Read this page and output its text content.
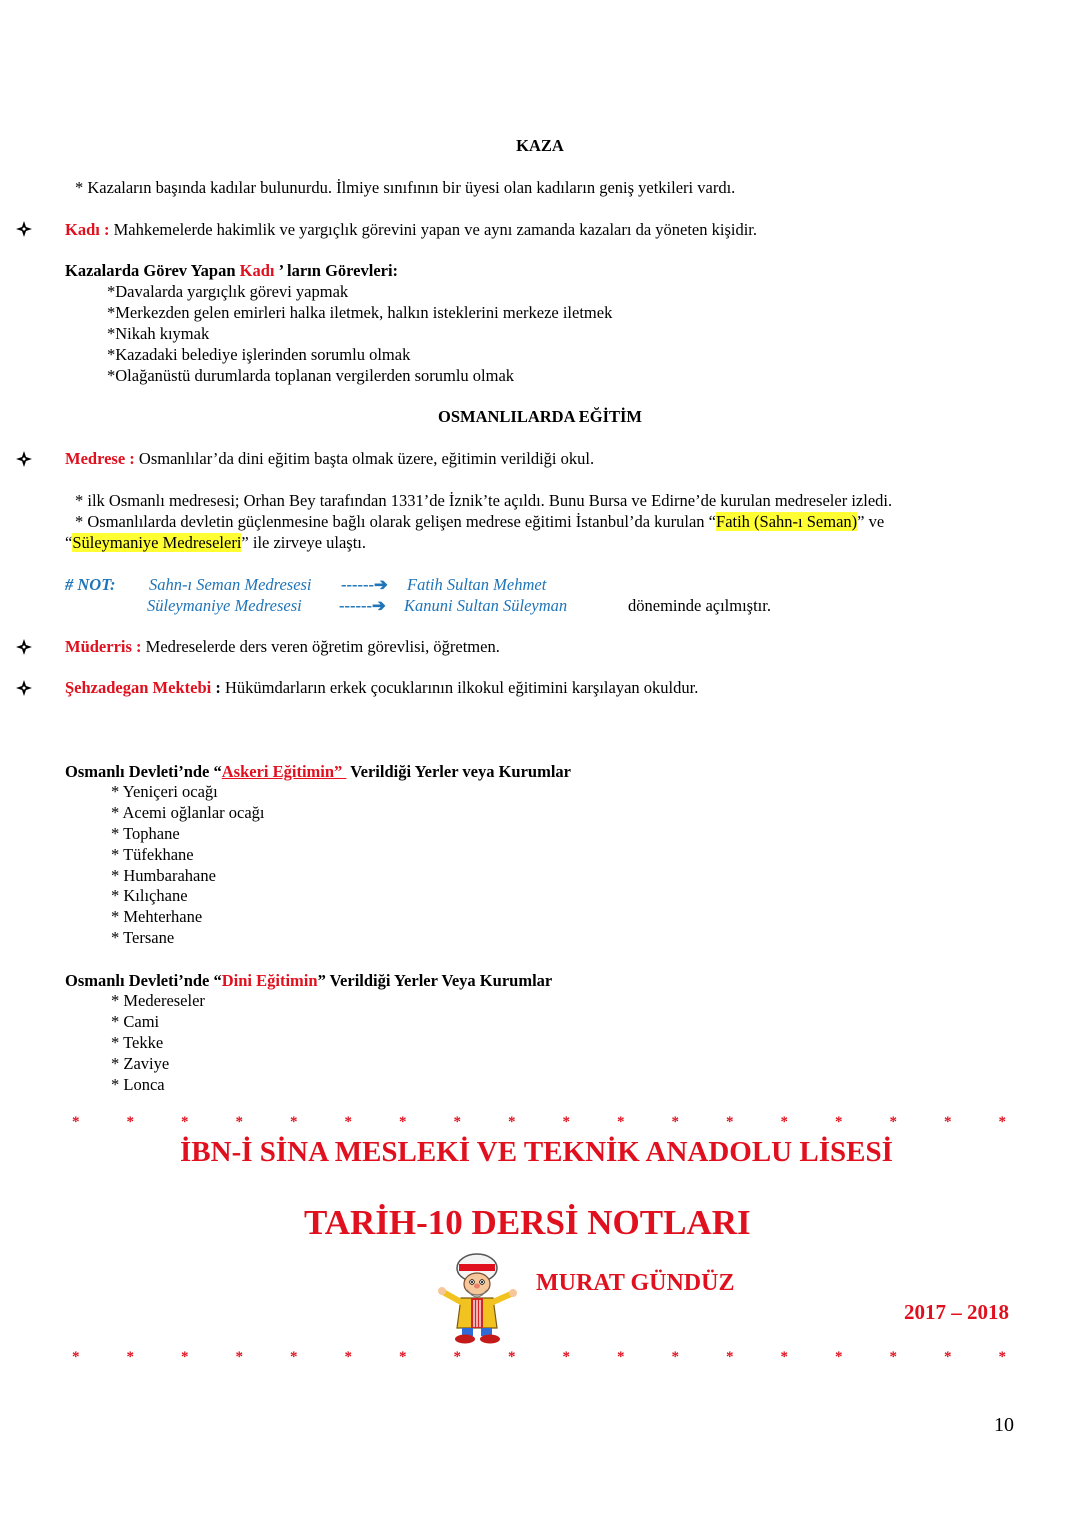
KAZA
* Kazaların başında kadılar bulunurdu. İlmiye sınıfının bir üyesi olan kadıların geniş yetkileri vardı.
Kadı : Mahkemelerde hakimlik ve yargıçlık görevini yapan ve aynı zamanda kazaları da yöneten kişidir.
Kazalarda Görev Yapan Kadı ’ ların Görevleri:
*Davalarda yargıçlık görevi yapmak
*Merkezden gelen emirleri halka iletmek, halkın isteklerini merkeze iletmek
*Nikah kıymak
*Kazadaki belediye işlerinden sorumlu olmak
*Olağanüstü durumlarda toplanan vergilerden sorumlu olmak
OSMANLILARDA EĞİTİM
Medrese : Osmanlılar’da dini eğitim başta olmak üzere, eğitimin verildiği okul.
* ilk Osmanlı medresesi; Orhan Bey tarafından 1331’de İznik’te açıldı. Bunu Bursa ve Edirne’de kurulan medreseler izledi.
* Osmanlılarda devletin güçlenmesine bağlı olarak gelişen medrese eğitimi İstanbul’da kurulan “Fatih (Sahn-ı Seman)” ve
“Süleymaniye Medreseleri” ile zirveye ulaştı.
# NOT: Sahn-ı Seman Medresesi ------➔ Fatih Sultan Mehmet
Süleymaniye Medresesi ------➔ Kanuni Sultan Süleyman	döneminde açılmıştır.
Müderris : Medreselerde ders veren öğretim görevlisi, öğretmen.
Şehzadegan Mektebi : Hükümdarların erkek çocuklarının ilkokul eğitimini karşılayan okuldur.
Osmanlı Devleti’nde “Askeri Eğitimin” Verildiği Yerler veya Kurumlar
* Yeniçeri ocağı
* Acemi oğlanlar ocağı
* Tophane
* Tüfekhane
* Humbarahane
* Kılıçhane
* Mehterhane
* Tersane
Osmanlı Devleti’nde “Dini Eğitimin” Verildiği Yerler Veya Kurumlar
* Medereseler
* Cami
* Tekke
* Zaviye
* Lonca
*	*	*	*	*	*	*	*	*	*	*	*	*	*	*	*	*	*
*	*	*	*	*	*	*	*	*	*	*	*	*	*	*	*	*	*
İBN-İ SİNA MESLEKİ VE TEKNİK ANADOLU LİSESİ
TARİH-10 DERSİ NOTLARI
MURAT GÜNDÜZ
2017 – 2018
10
